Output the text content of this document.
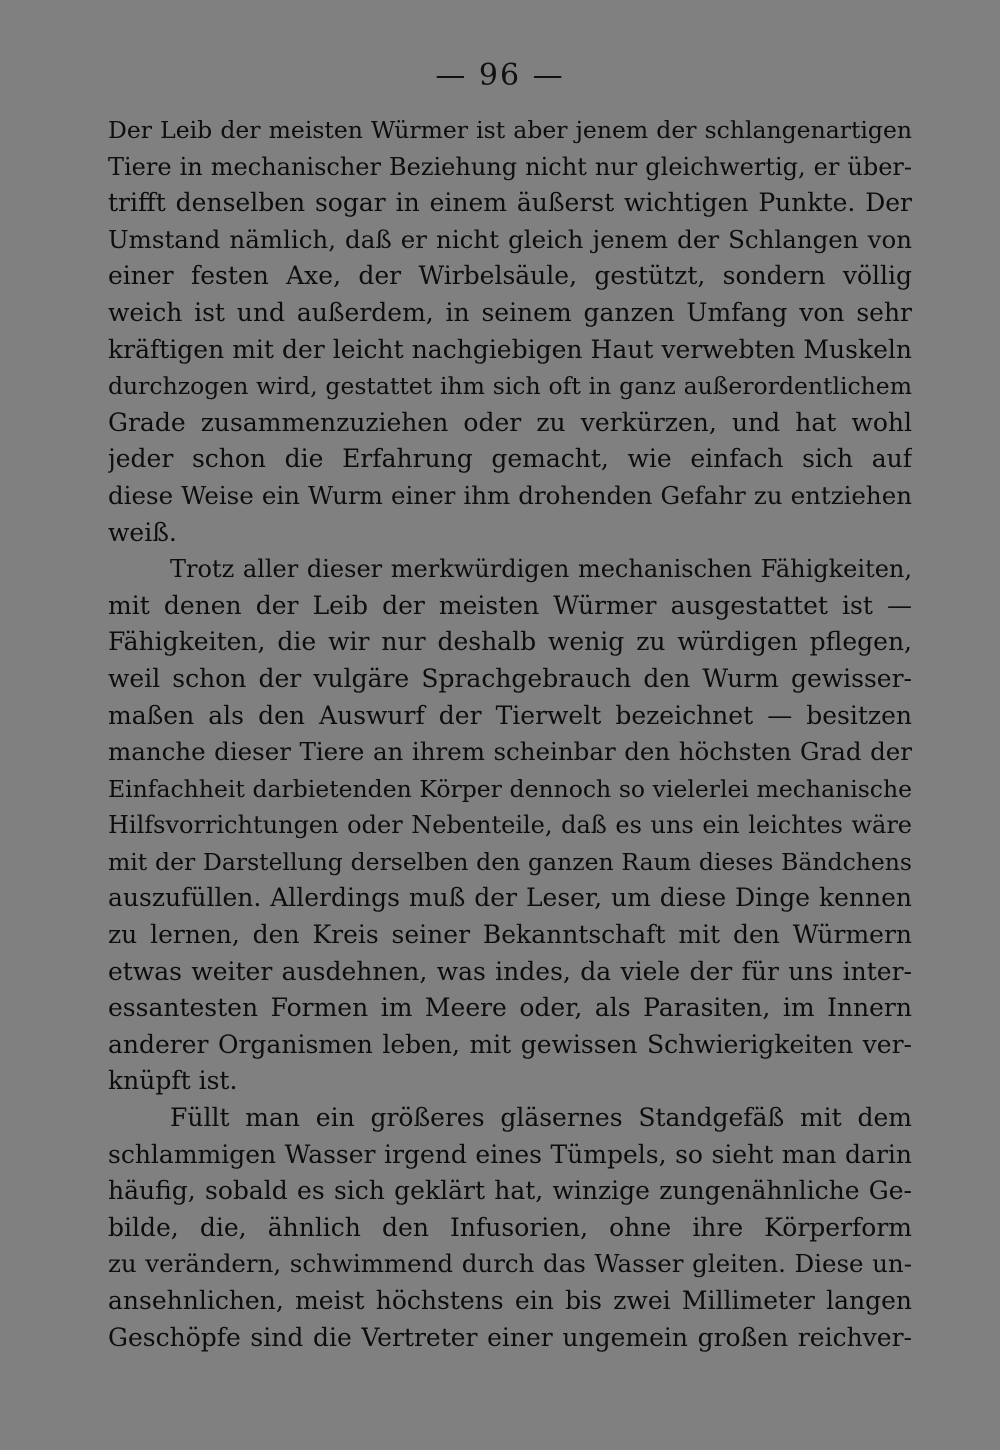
— 96 —
Der Leib der meisten Würmer ist aber jenem der schlangenartigen
Tiere in mechanischer Beziehung nicht nur gleichwertig, er über-
trifft denselben sogar in einem äußerst wichtigen Punkte. Der
Umstand nämlich, daß er nicht gleich jenem der Schlangen von
einer festen Axe, der Wirbelsäule, gestützt, sondern völlig
weich ist und außerdem, in seinem ganzen Umfang von sehr
kräftigen mit der leicht nachgiebigen Haut verwebten Muskeln
durchzogen wird, gestattet ihm sich oft in ganz außerordentlichem
Grade zusammenzuziehen oder zu verkürzen, und hat wohl
jeder schon die Erfahrung gemacht, wie einfach sich auf
diese Weise ein Wurm einer ihm drohenden Gefahr zu entziehen
weiß.
Trotz aller dieser merkwürdigen mechanischen Fähigkeiten,
mit denen der Leib der meisten Würmer ausgestattet ist —
Fähigkeiten, die wir nur deshalb wenig zu würdigen pflegen,
weil schon der vulgäre Sprachgebrauch den Wurm gewisser-
maßen als den Auswurf der Tierwelt bezeichnet — besitzen
manche dieser Tiere an ihrem scheinbar den höchsten Grad der
Einfachheit darbietenden Körper dennoch so vielerlei mechanische
Hilfsvorrichtungen oder Nebenteile, daß es uns ein leichtes wäre
mit der Darstellung derselben den ganzen Raum dieses Bändchens
auszufüllen. Allerdings muß der Leser, um diese Dinge kennen
zu lernen, den Kreis seiner Bekanntschaft mit den Würmern
etwas weiter ausdehnen, was indes, da viele der für uns inter-
essantesten Formen im Meere oder, als Parasiten, im Innern
anderer Organismen leben, mit gewissen Schwierigkeiten ver-
knüpft ist.
Füllt man ein größeres gläsernes Standgefäß mit dem
schlammigen Wasser irgend eines Tümpels, so sieht man darin
häufig, sobald es sich geklärt hat, winzige zungenähnliche Ge-
bilde, die, ähnlich den Infusorien, ohne ihre Körperform
zu verändern, schwimmend durch das Wasser gleiten. Diese un-
ansehnlichen, meist höchstens ein bis zwei Millimeter langen
Geschöpfe sind die Vertreter einer ungemein großen reichver-
